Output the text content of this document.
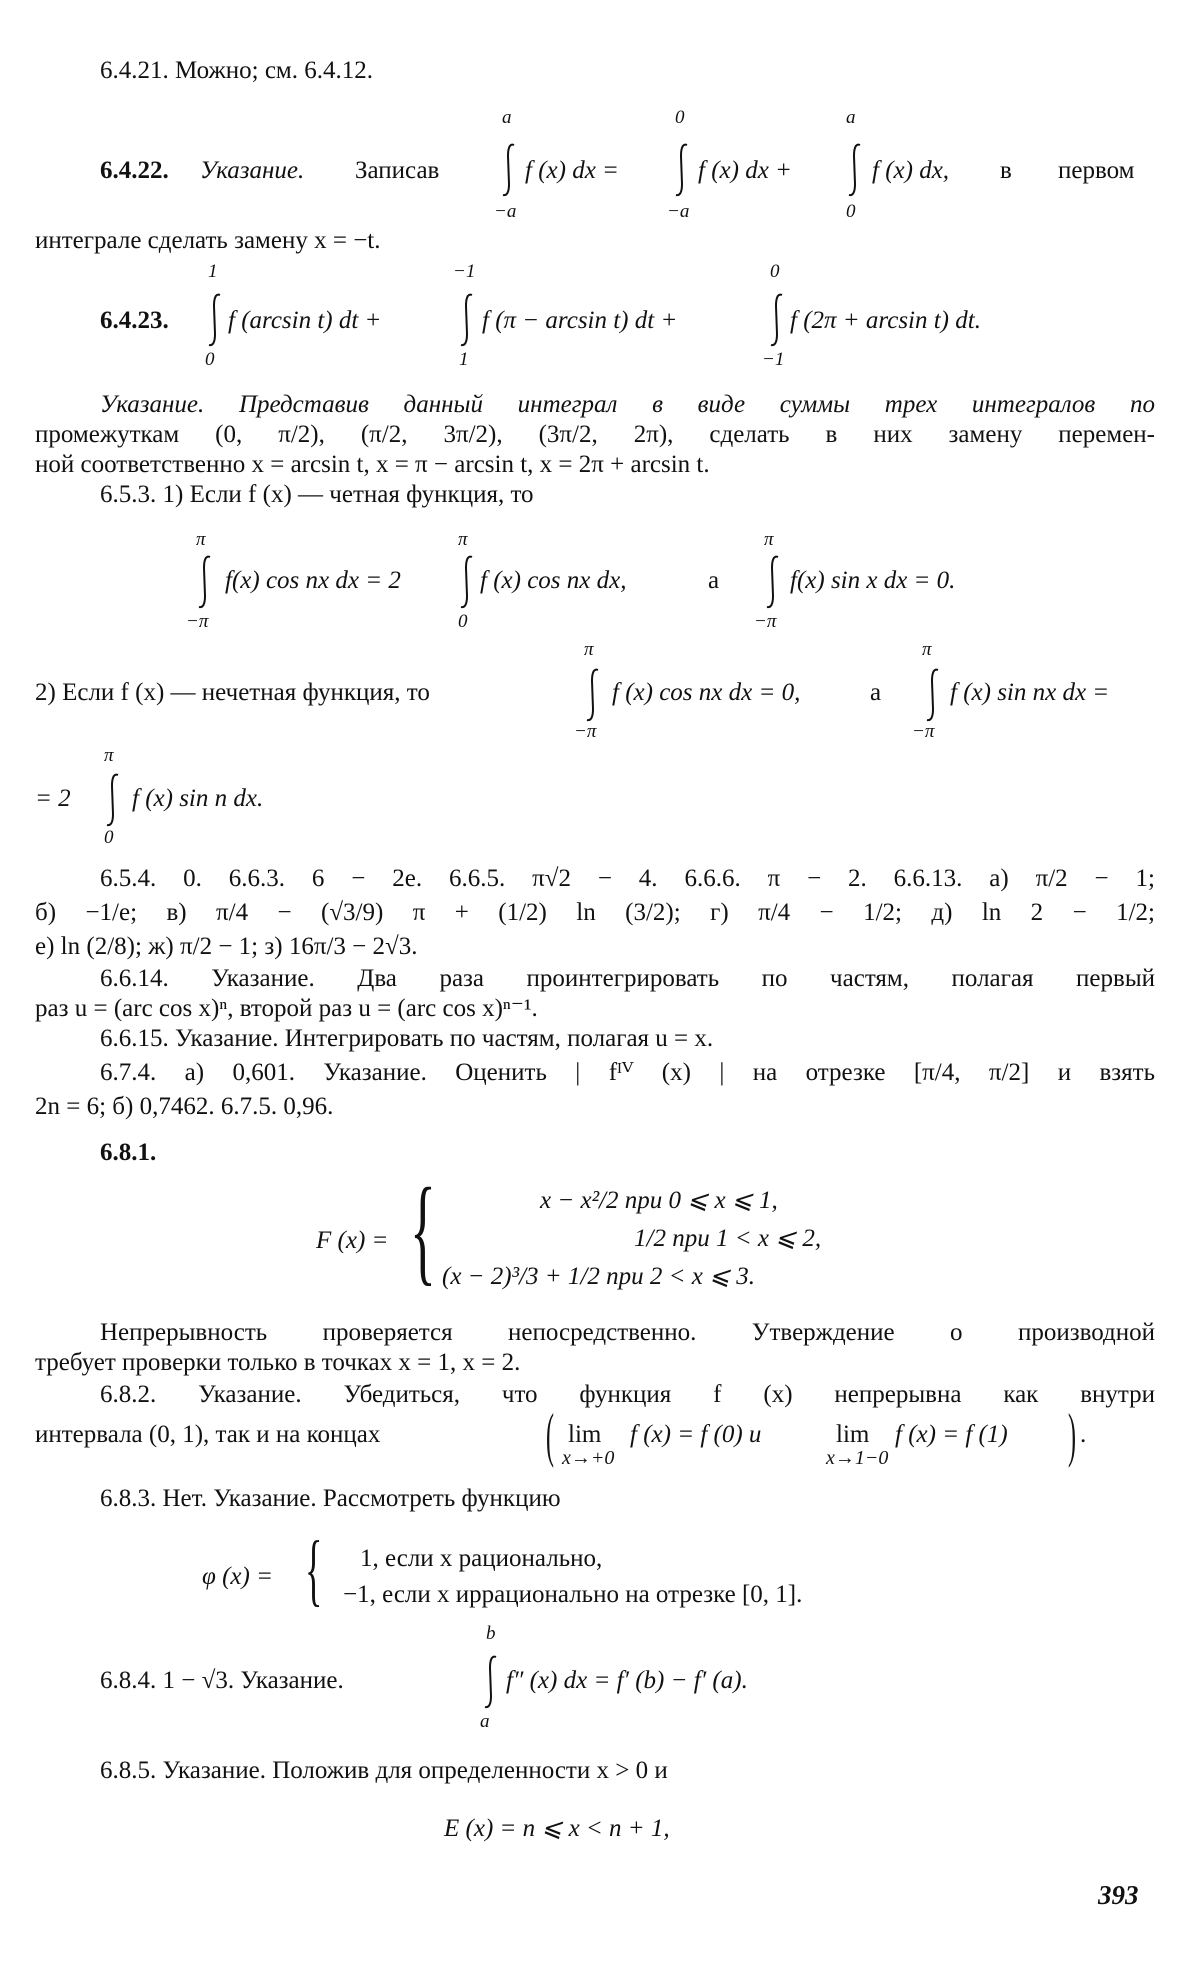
6.4.21. Можно; см. 6.4.12.
6.4.22. Указание. Записав
a
−a
f (x) dx =
0
−a
f (x) dx +
a
0
f (x) dx, в первом
интеграле сделать замену x = −t.
6.4.23.
1
0
f (arcsin t) dt +
−1
1
f (π − arcsin t) dt +
0
−1
f (2π + arcsin t) dt.
Указание. Представив данный интеграл в виде суммы трех интегралов по
промежуткам (0, π/2), (π/2, 3π/2), (3π/2, 2π), сделать в них замену перемен-
ной соответственно x = arcsin t, x = π − arcsin t, x = 2π + arcsin t.
6.5.3. 1) Если f (x) — четная функция, то
π
−π
f(x) cos nx dx = 2
π
0
f (x) cos nx dx,	а
π
−π
f(x) sin x dx = 0.
2) Если f (x) — нечетная функция, то
π
−π
f (x) cos nx dx = 0,	а
π
−π
f (x) sin nx dx =
= 2
π
0
f (x) sin n dx.
6.5.4. 0. 6.6.3. 6 − 2e. 6.6.5. π√2 − 4. 6.6.6. π − 2. 6.6.13. а) π/2 − 1;
б) −1/e; в) π/4 − (√3/9) π + (1/2) ln (3/2); г) π/4 − 1/2; д) ln 2 − 1/2;
е) ln (2/8); ж) π/2 − 1; з) 16π/3 − 2√3.
6.6.14. Указание. Два раза проинтегрировать по частям, полагая первый
раз u = (arc cos x)ⁿ, второй раз u = (arc cos x)ⁿ⁻¹.
6.6.15. Указание. Интегрировать по частям, полагая u = x.
6.7.4. а) 0,601. Указание. Оценить | fᴵⱽ (x) | на отрезке [π/4, π/2] и взять
2n = 6; б) 0,7462. 6.7.5. 0,96.
6.8.1.
F (x) = {	x − x²/2 при 0 ⩽ x ⩽ 1,
1/2 при 1 < x ⩽ 2,
(x − 2)³/3 + 1/2 при 2 < x ⩽ 3.
Непрерывность проверяется непосредственно. Утверждение о производной
требует проверки только в точках x = 1, x = 2.
6.8.2. Указание. Убедиться, что функция f (x) непрерывна как внутри
интервала (0, 1), так и на концах	( lim
x→+0
f (x) = f (0) и	lim
x→1−0
f (x) = f (1) ) .
6.8.3. Нет. Указание. Рассмотреть функцию
φ (x) = { 1, если x рационально,
−1, если x иррационально на отрезке [0, 1].
6.8.4. 1 − √3. Указание.
b
a
f″ (x) dx = f′ (b) − f′ (a).
6.8.5. Указание. Положив для определенности x > 0 и
E (x) = n ⩽ x < n + 1,
393
